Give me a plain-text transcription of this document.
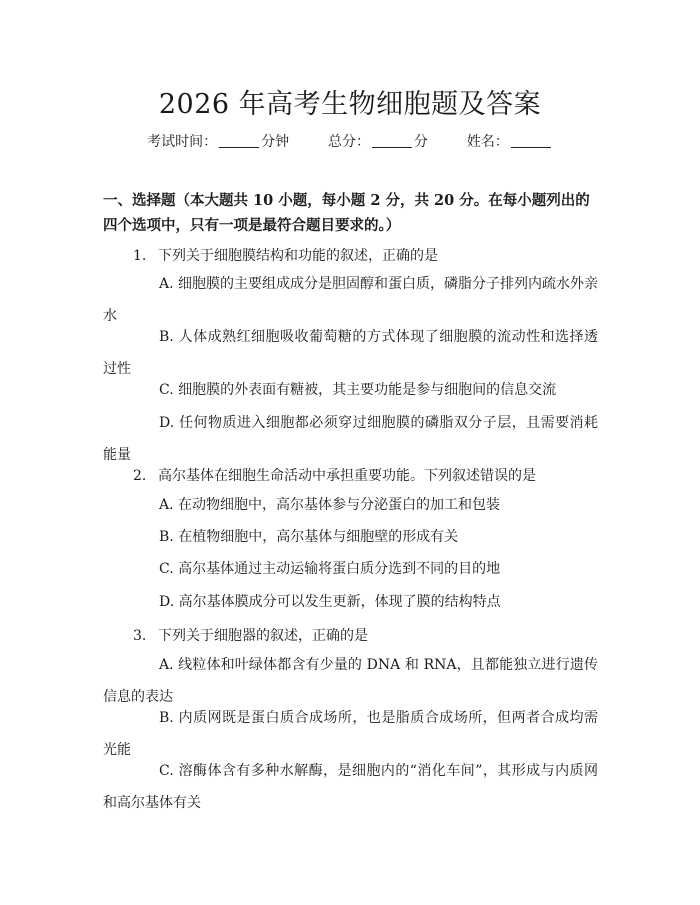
2026 年高考生物细胞题及答案
考试时间：	分钟	总分：	分	姓名：
一、选择题（本大题共 10 小题，每小题 2 分，共 20 分。在每小题列出的四个选项中，只有一项是最符合题目要求的。）
1. 下列关于细胞膜结构和功能的叙述，正确的是
A. 细胞膜的主要组成成分是胆固醇和蛋白质，磷脂分子排列内疏水外亲水
B. 人体成熟红细胞吸收葡萄糖的方式体现了细胞膜的流动性和选择透过性
C. 细胞膜的外表面有糖被，其主要功能是参与细胞间的信息交流
D. 任何物质进入细胞都必须穿过细胞膜的磷脂双分子层，且需要消耗能量
2. 高尔基体在细胞生命活动中承担重要功能。下列叙述错误的是
A. 在动物细胞中，高尔基体参与分泌蛋白的加工和包装
B. 在植物细胞中，高尔基体与细胞壁的形成有关
C. 高尔基体通过主动运输将蛋白质分选到不同的目的地
D. 高尔基体膜成分可以发生更新，体现了膜的结构特点
3. 下列关于细胞器的叙述，正确的是
A. 线粒体和叶绿体都含有少量的 DNA 和 RNA，且都能独立进行遗传信息的表达
B. 内质网既是蛋白质合成场所，也是脂质合成场所，但两者合成均需光能
C. 溶酶体含有多种水解酶，是细胞内的“消化车间”，其形成与内质网和高尔基体有关
